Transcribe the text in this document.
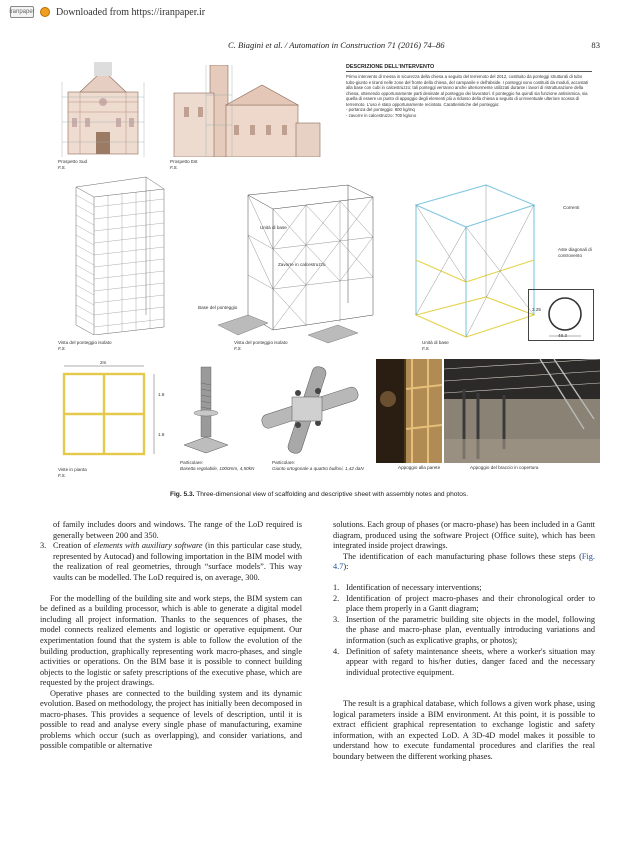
iranpaper Downloaded from https://iranpaper.ir
C. Biagini et al. / Automation in Construction 71 (2016) 74–86	83
Prospetto Sud
F.S.
Prospetto Est
F.S.
DESCRIZIONE DELL'INTERVENTO
Primo intervento di messa in sicurezza della chiesa a seguito del terremoto del 2012, costituito da ponteggi strutturali di tubo tubo-giunto e tiranti nelle zone del fronte della chiesa, del campanile e dell'abside. I ponteggi sono costituiti da moduli, accostati alla base con cubi in calcestruzzo; tali ponteggi verranno anche ulteriormente utilizzati durante i lavori di ristrutturazione della chiesa, ottenendo opportunamente parti desinate al ponteggio dei lavoratori. Il ponteggio ha quindi sia funzione antisismica, sia quella di essere un punto di appoggio degli elementi più a ridosso della chiesa a seguito di un'eventuale ulteriore scossa di terremoto. L'uso è stato opportunamente recintato. Caratteristiche del ponteggio:
- portanza del ponteggio: 800 kg/mq
- zavorre in calcestruzzo: 700 kg/uno
Vista del ponteggio isolato
F.S.
Unità di base
Zavorre in calcestruzzo
Base del ponteggio
Vista del ponteggio isolato
F.S.
Correnti
Aste diagonali di controvento
3.25
48.3
Unità di base
F.S.
2m
1.8
1.8
Viste in pianta
F.S.
Particolare:
Basetta regolabile, 1000mm, 4,50kN
Particolare:
Giunto ortogonale a quattro bulloni, 1,42 daN	Appoggio alla parete	Appoggio del braccio in copertura
Fig. 5.3. Three-dimensional view of scaffolding and descriptive sheet with assembly notes and photos.

of family includes doors and windows. The range of the LoD required is generally between 200 and 350.

3. Creation of elements with auxiliary software (in this particular case study, represented by Autocad) and following importation in the BIM model with the realization of real geometries, through “surface models”. This way vaults can be modelled. The LoD required is, on average, 300.

For the modelling of the building site and work steps, the BIM system can be defined as a building processor, which is able to generate a digital model including all project information. Thanks to the sequences of phases, the model connects realized elements and logistic or operative equipment. Our experimentation found that the system is able to follow the evolution of the building production, graphically representing work macro-phases, and single activities or operations. On the BIM base it is possible to connect building objects to the logistic or safety prescriptions of the executive phase, which are requested by the project drawings.

Operative phases are connected to the building system and its dynamic evolution. Based on methodology, the project has initially been decomposed in macro-phases. This provides a sequence of levels of description, until it is possible to read and analyse every single phase of manufacturing, examine problems which occur (such as overlapping), and consider variations, and possible compatible or alternative

solutions. Each group of phases (or macro-phase) has been included in a Gantt diagram, produced using the software Project (Office suite), which has been integrated inside project drawings.

The identification of each manufacturing phase follows these steps (Fig. 4.7):

1. Identification of necessary interventions;
2. Identification of project macro-phases and their chronological order to place them properly in a Gantt diagram;
3. Insertion of the parametric building site objects in the model, following the phase and macro-phase plan, eventually introducing variations and information (such as explicative graphs, or photos);
4. Definition of safety maintenance sheets, where a worker's situation may appear with regard to his/her duties, danger faced and the necessary individual protective equipment.

The result is a graphical database, which follows a given work phase, using logical parameters inside a BIM environment. At this point, it is possible to extract efficient graphical representation to exchange logistic and safety information, with an expected LoD. A 3D-4D model makes it possible to understand how to execute fundamental procedures and clarifies the real boundary between the different working phases.
